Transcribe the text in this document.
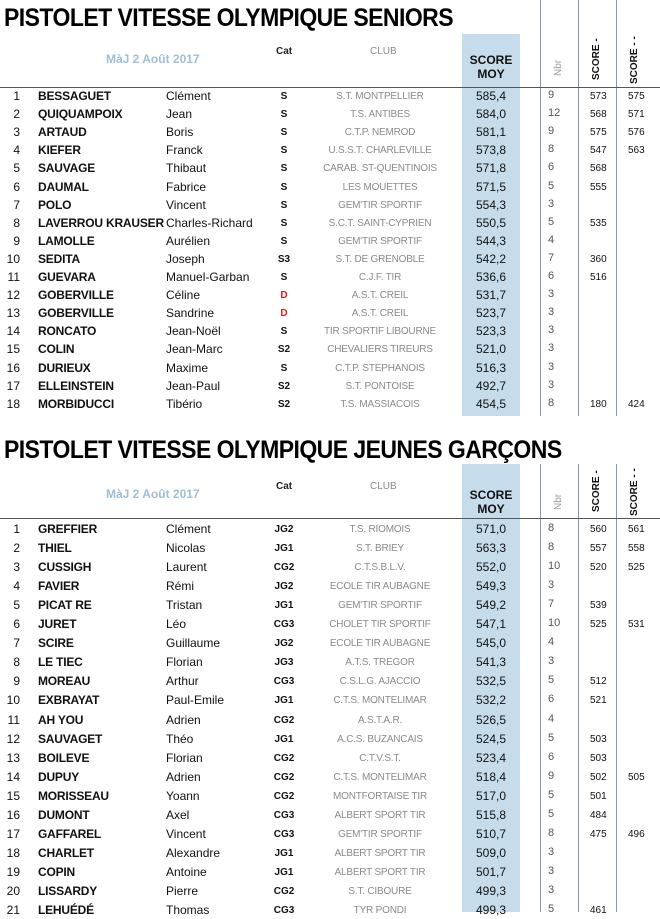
PISTOLET VITESSE OLYMPIQUE SENIORS
MàJ 2 Août 2017
Cat	CLUB
SCORE MOY	Nbr	SCORE -	SCORE - -
1 BESSAGUET	Clément	S	S.T. MONTPELLIER	585,4	9	573	575
2 QUIQUAMPOIX	Jean	S	T.S. ANTIBES	584,0	12	568	571
3 ARTAUD	Boris	S	C.T.P. NEMROD	581,1	9	575	576
4 KIEFER	Franck	S	U.S.S.T. CHARLEVILLE	573,8	8	547	563
5 SAUVAGE	Thibaut	S	CARAB. ST-QUENTINOIS	571,8	6	568
6 DAUMAL	Fabrice	S	LES MOUETTES	571,5	5	555
7 POLO	Vincent	S	GEM'TIR SPORTIF	554,3	3
8 LAVERROU KRAUSER Charles-Richard	S	S.C.T. SAINT-CYPRIEN	550,5	5	535
9 LAMOLLE	Aurélien	S	GEM'TIR SPORTIF	544,3	4
10 SEDITA	Joseph	S3	S.T. DE GRENOBLE	542,2	7	360
11 GUEVARA	Manuel-Garban	S	C.J.F. TIR	536,6	6	516
12 GOBERVILLE	Céline	D	A.S.T. CREIL	531,7	3
13 GOBERVILLE	Sandrine	D	A.S.T. CREIL	523,7	3
14 RONCATO	Jean-Noël	S	TIR SPORTIF LIBOURNE	523,3	3
15 COLIN	Jean-Marc	S2	CHEVALIERS TIREURS	521,0	3
16 DURIEUX	Maxime	S	C.T.P. STEPHANOIS	516,3	3
17 ELLEINSTEIN	Jean-Paul	S2	S.T. PONTOISE	492,7	3
18 MORBIDUCCI	Tibério	S2	T.S. MASSIACOIS	454,5	8	180	424
PISTOLET VITESSE OLYMPIQUE JEUNES GARÇONS
MàJ 2 Août 2017
Cat	CLUB
SCORE MOY	Nbr	SCORE -	SCORE - -
1 GREFFIER	Clément	JG2	T.S. RIOMOIS	571,0	8	560	561
2 THIEL	Nicolas	JG1	S.T. BRIEY	563,3	8	557	558
3 CUSSIGH	Laurent	CG2	C.T.S.B.L.V.	552,0	10	520	525
4 FAVIER	Rémi	JG2	ECOLE TIR AUBAGNE	549,3	3
5 PICAT RE	Tristan	JG1	GEM'TIR SPORTIF	549,2	7	539
6 JURET	Léo	CG3	CHOLET TIR SPORTIF	547,1	10	525	531
7 SCIRE	Guillaume	JG2	ECOLE TIR AUBAGNE	545,0	4
8 LE TIEC	Florian	JG3	A.T.S. TREGOR	541,3	3
9 MOREAU	Arthur	CG3	C.S.L.G. AJACCIO	532,5	5	512
10 EXBRAYAT	Paul-Emile	JG1	C.T.S. MONTELIMAR	532,2	6	521
11 AH YOU	Adrien	CG2	A.S.T.A.R.	526,5	4
12 SAUVAGET	Théo	JG1	A.C.S. BUZANCAIS	524,5	5	503
13 BOILEVE	Florian	CG2	C.T.V.S.T.	523,4	6	503
14 DUPUY	Adrien	CG2	C.T.S. MONTELIMAR	518,4	9	502	505
15 MORISSEAU	Yoann	CG2	MONTFORTAISE TIR	517,0	5	501
16 DUMONT	Axel	CG3	ALBERT SPORT TIR	515,8	5	484
17 GAFFAREL	Vincent	CG3	GEM'TIR SPORTIF	510,7	8	475	496
18 CHARLET	Alexandre	JG1	ALBERT SPORT TIR	509,0	3
19 COPIN	Antoine	JG1	ALBERT SPORT TIR	501,7	3
20 LISSARDY	Pierre	CG2	S.T. CIBOURE	499,3	3
21 LEHUÉDÉ	Thomas	CG3	TYR PONDI	499,3	5	461
